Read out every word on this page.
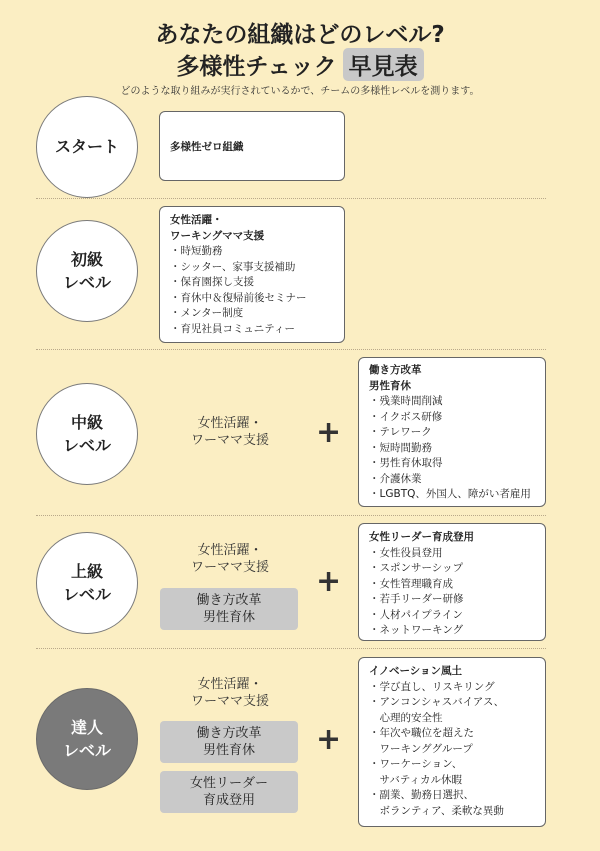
あなたの組織はどのレベル?
多様性チェック 早見表
どのような取り組みが実行されているかで、チームの多様性レベルを測ります。
スタート	多様性ゼロ組織
初級
レベル
女性活躍・
ワーキングママ支援
・時短勤務
・シッター、家事支援補助
・保育園探し支援
・育休中＆復帰前後セミナー
・メンター制度
・育児社員コミュニティー
中級
レベル
女性活躍・
ワーママ支援	+
働き方改革
男性育休
・残業時間削減
・イクボス研修
・テレワーク
・短時間勤務
・男性育休取得
・介護休業
・LGBTQ、外国人、障がい者雇用
上級
レベル
女性活躍・
ワーママ支援
働き方改革
男性育休
+
女性リーダー育成登用
・女性役員登用
・スポンサーシップ
・女性管理職育成
・若手リーダー研修
・人材パイプライン
・ネットワーキング
達人
レベル
女性活躍・
ワーママ支援
働き方改革
男性育休
女性リーダー
育成登用
+
イノベーション風土
・学び直し、リスキリング
・アンコンシャスバイアス、
　心理的安全性
・年次や職位を超えた
　ワーキンググループ
・ワーケーション、
　サバティカル休暇
・副業、勤務日選択、
　ボランティア、柔軟な異動
